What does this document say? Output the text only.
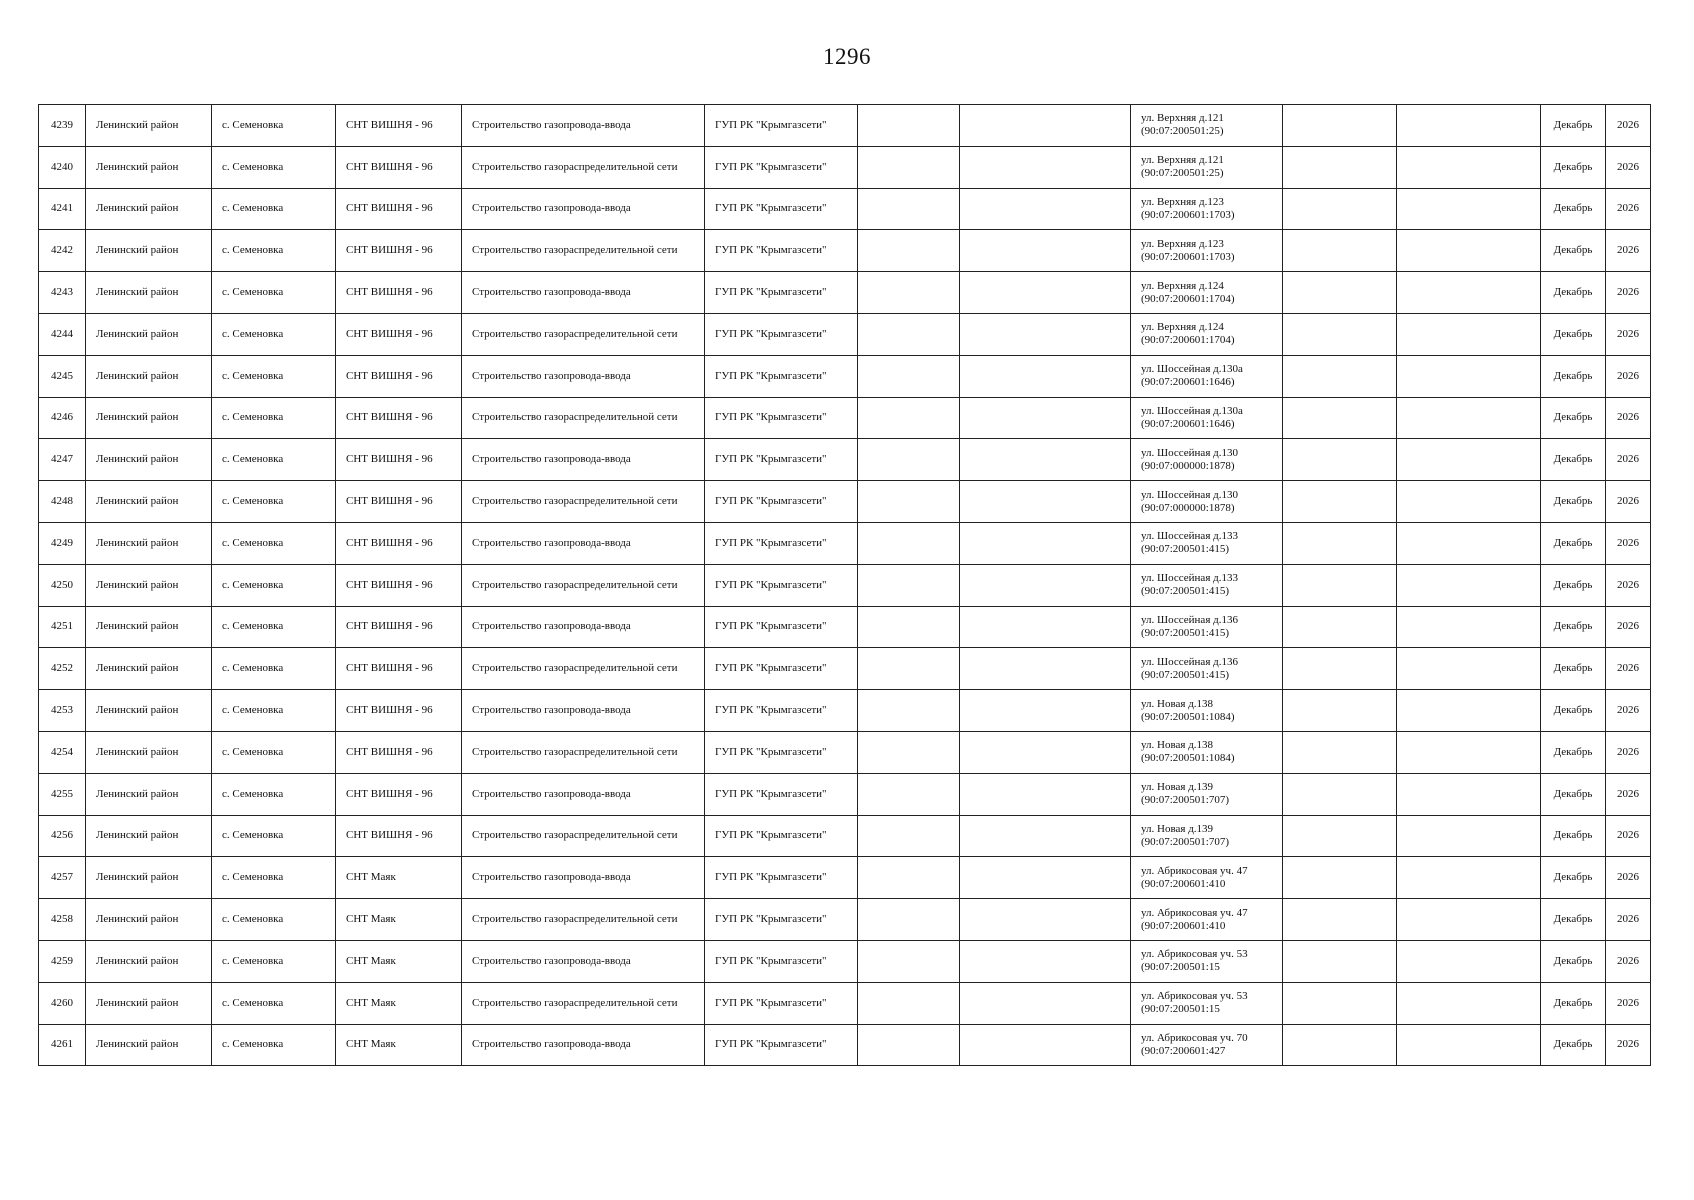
1296
4239	Ленинский район	с. Семеновка	СНТ ВИШНЯ - 96	Строительство газопровода-ввода	ГУП РК "Крымгазсети"			ул. Верхняя д.121
(90:07:200501:25)			Декабрь	2026
4240	Ленинский район	с. Семеновка	СНТ ВИШНЯ - 96	Строительство газораспределительной сети	ГУП РК "Крымгазсети"			ул. Верхняя д.121
(90:07:200501:25)			Декабрь	2026
4241	Ленинский район	с. Семеновка	СНТ ВИШНЯ - 96	Строительство газопровода-ввода	ГУП РК "Крымгазсети"			ул. Верхняя д.123
(90:07:200601:1703)			Декабрь	2026
4242	Ленинский район	с. Семеновка	СНТ ВИШНЯ - 96	Строительство газораспределительной сети	ГУП РК "Крымгазсети"			ул. Верхняя д.123
(90:07:200601:1703)			Декабрь	2026
4243	Ленинский район	с. Семеновка	СНТ ВИШНЯ - 96	Строительство газопровода-ввода	ГУП РК "Крымгазсети"			ул. Верхняя д.124
(90:07:200601:1704)			Декабрь	2026
4244	Ленинский район	с. Семеновка	СНТ ВИШНЯ - 96	Строительство газораспределительной сети	ГУП РК "Крымгазсети"			ул. Верхняя д.124
(90:07:200601:1704)			Декабрь	2026
4245	Ленинский район	с. Семеновка	СНТ ВИШНЯ - 96	Строительство газопровода-ввода	ГУП РК "Крымгазсети"			ул. Шоссейная д.130а
(90:07:200601:1646)			Декабрь	2026
4246	Ленинский район	с. Семеновка	СНТ ВИШНЯ - 96	Строительство газораспределительной сети	ГУП РК "Крымгазсети"			ул. Шоссейная д.130а
(90:07:200601:1646)			Декабрь	2026
4247	Ленинский район	с. Семеновка	СНТ ВИШНЯ - 96	Строительство газопровода-ввода	ГУП РК "Крымгазсети"			ул. Шоссейная д.130
(90:07:000000:1878)			Декабрь	2026
4248	Ленинский район	с. Семеновка	СНТ ВИШНЯ - 96	Строительство газораспределительной сети	ГУП РК "Крымгазсети"			ул. Шоссейная д.130
(90:07:000000:1878)			Декабрь	2026
4249	Ленинский район	с. Семеновка	СНТ ВИШНЯ - 96	Строительство газопровода-ввода	ГУП РК "Крымгазсети"			ул. Шоссейная д.133
(90:07:200501:415)			Декабрь	2026
4250	Ленинский район	с. Семеновка	СНТ ВИШНЯ - 96	Строительство газораспределительной сети	ГУП РК "Крымгазсети"			ул. Шоссейная д.133
(90:07:200501:415)			Декабрь	2026
4251	Ленинский район	с. Семеновка	СНТ ВИШНЯ - 96	Строительство газопровода-ввода	ГУП РК "Крымгазсети"			ул. Шоссейная д.136
(90:07:200501:415)			Декабрь	2026
4252	Ленинский район	с. Семеновка	СНТ ВИШНЯ - 96	Строительство газораспределительной сети	ГУП РК "Крымгазсети"			ул. Шоссейная д.136
(90:07:200501:415)			Декабрь	2026
4253	Ленинский район	с. Семеновка	СНТ ВИШНЯ - 96	Строительство газопровода-ввода	ГУП РК "Крымгазсети"			ул. Новая д.138
(90:07:200501:1084)			Декабрь	2026
4254	Ленинский район	с. Семеновка	СНТ ВИШНЯ - 96	Строительство газораспределительной сети	ГУП РК "Крымгазсети"			ул. Новая д.138
(90:07:200501:1084)			Декабрь	2026
4255	Ленинский район	с. Семеновка	СНТ ВИШНЯ - 96	Строительство газопровода-ввода	ГУП РК "Крымгазсети"			ул. Новая д.139
(90:07:200501:707)			Декабрь	2026
4256	Ленинский район	с. Семеновка	СНТ ВИШНЯ - 96	Строительство газораспределительной сети	ГУП РК "Крымгазсети"			ул. Новая д.139
(90:07:200501:707)			Декабрь	2026
4257	Ленинский район	с. Семеновка	СНТ Маяк	Строительство газопровода-ввода	ГУП РК "Крымгазсети"			ул. Абрикосовая уч. 47
(90:07:200601:410			Декабрь	2026
4258	Ленинский район	с. Семеновка	СНТ Маяк	Строительство газораспределительной сети	ГУП РК "Крымгазсети"			ул. Абрикосовая уч. 47
(90:07:200601:410			Декабрь	2026
4259	Ленинский район	с. Семеновка	СНТ Маяк	Строительство газопровода-ввода	ГУП РК "Крымгазсети"			ул. Абрикосовая уч. 53
(90:07:200501:15			Декабрь	2026
4260	Ленинский район	с. Семеновка	СНТ Маяк	Строительство газораспределительной сети	ГУП РК "Крымгазсети"			ул. Абрикосовая уч. 53
(90:07:200501:15			Декабрь	2026
4261	Ленинский район	с. Семеновка	СНТ Маяк	Строительство газопровода-ввода	ГУП РК "Крымгазсети"			ул. Абрикосовая уч. 70
(90:07:200601:427			Декабрь	2026
